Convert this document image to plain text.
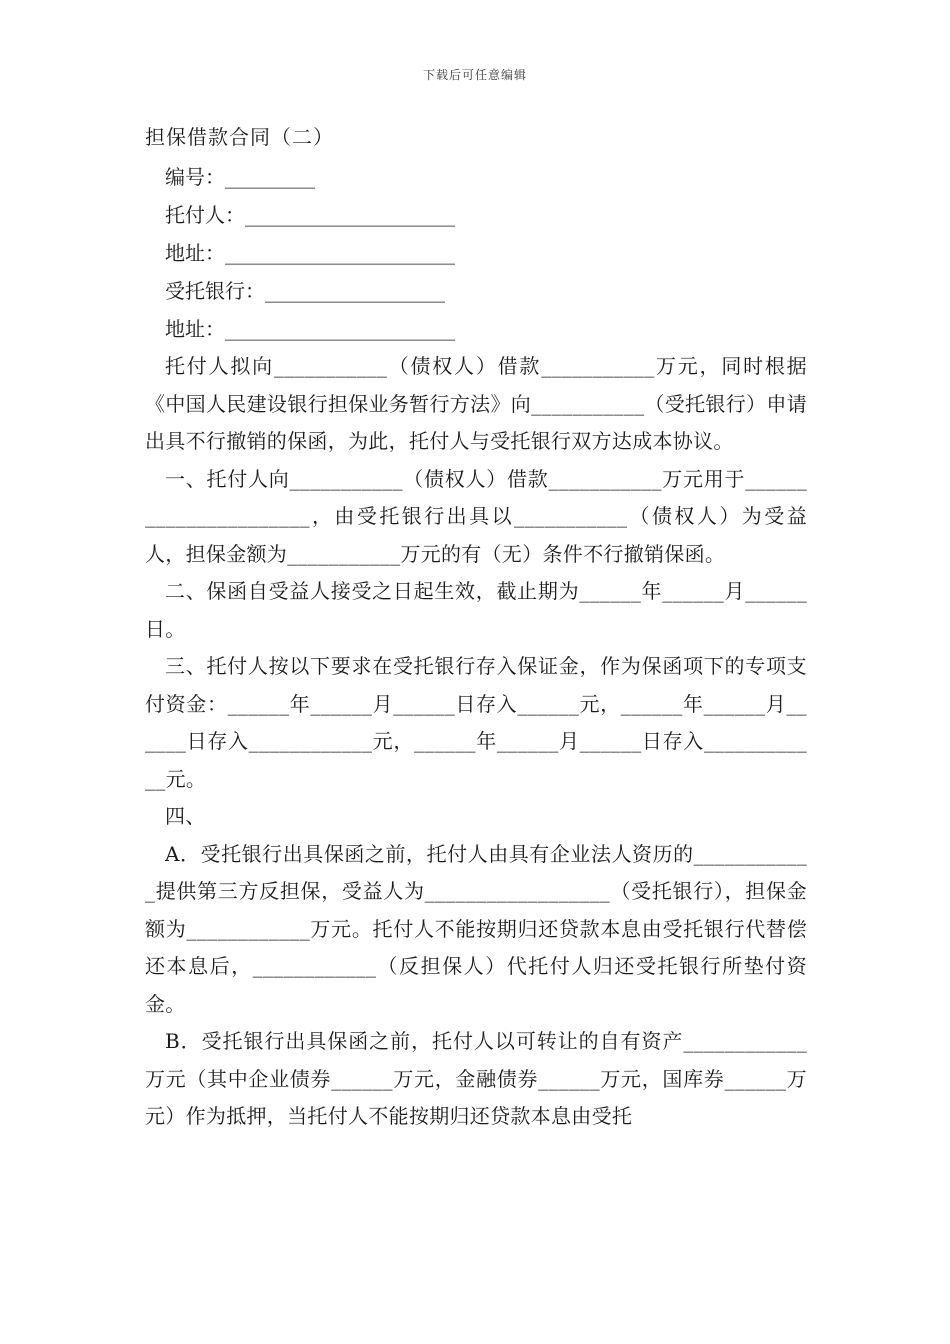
下载后可任意编辑
担保借款合同（二）
编号：_________
托付人：_____________________
地址：_______________________
受托银行：__________________
地址：_______________________

托付人拟向___________（债权人）借款___________万元，同时根据《中国人民建设银行担保业务暂行方法》向___________（受托银行）申请出具不行撤销的保函，为此，托付人与受托银行双方达成本协议。

一、托付人向___________（债权人）借款___________万元用于______________________，由受托银行出具以___________（债权人）为受益人，担保金额为___________万元的有（无）条件不行撤销保函。

二、保函自受益人接受之日起生效，截止期为______年______月______日。

三、托付人按以下要求在受托银行存入保证金，作为保函项下的专项支付资金：______年______月______日存入______元，______年______月______日存入____________元，______年______月______日存入____________元。

四、

A．受托银行出具保函之前，托付人由具有企业法人资历的____________提供第三方反担保，受益人为__________________（受托银行），担保金额为____________万元。托付人不能按期归还贷款本息由受托银行代替偿还本息后，____________（反担保人）代托付人归还受托银行所垫付资金。

B．受托银行出具保函之前，托付人以可转让的自有资产____________万元（其中企业债券______万元，金融债券______万元，国库券______万元）作为抵押，当托付人不能按期归还贷款本息由受托
